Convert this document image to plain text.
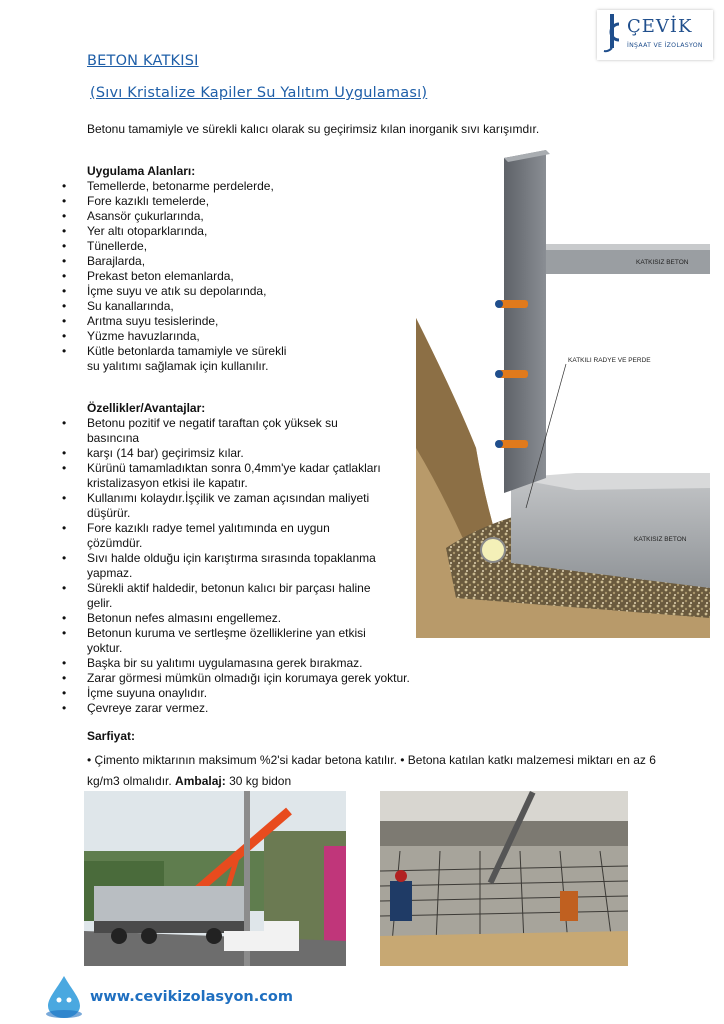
BETON KATKISI
(Sıvı Kristalize Kapiler Su Yalıtım Uygulaması)
ÇEVİK
İNŞAAT VE İZOLASYON
Betonu tamamiyle ve sürekli kalıcı olarak su geçirimsiz kılan inorganik sıvı karışımdır.
Uygulama Alanları:
• Temellerde, betonarme perdelerde,
• Fore kazıklı temelerde,
• Asansör çukurlarında,
• Yer altı otoparklarında,
• Tünellerde,
• Barajlarda,
• Prekast beton elemanlarda,
• İçme suyu ve atık su depolarında,
• Su kanallarında,
• Arıtma suyu tesislerinde,
• Yüzme havuzlarında,
• Kütle betonlarda tamamiyle ve sürekli su yalıtımı sağlamak için kullanılır.
Özellikler/Avantajlar:
• Betonu pozitif ve negatif taraftan çok yüksek su basıncına
• karşı (14 bar) geçirimsiz kılar.
• Kürünü tamamladıktan sonra 0,4mm'ye kadar çatlakları kristalizasyon etkisi ile kapatır.
• Kullanımı kolaydır.İşçilik ve zaman açısından maliyeti düşürür.
• Fore kazıklı radye temel yalıtımında en uygun çözümdür.
• Sıvı halde olduğu için karıştırma sırasında topaklanma yapmaz.
• Sürekli aktif haldedir, betonun kalıcı bir parçası haline gelir.
• Betonun nefes almasını engellemez.
• Betonun kuruma ve sertleşme özelliklerine yan etkisi yoktur.
• Başka bir su yalıtımı uygulamasına gerek bırakmaz.
• Zarar görmesi mümkün olmadığı için korumaya gerek yoktur.
• İçme suyuna onaylıdır.
• Çevreye zarar vermez.
Sarfiyat:
• Çimento miktarının maksimum %2'si kadar betona katılır. • Betona katılan katkı malzemesi miktarı en az 6 kg/m3 olmalıdır. Ambalaj: 30 kg bidon
KATKISIZ BETON
KATKILI RADYE VE PERDE
KATKISIZ BETON
www.cevikizolasyon.com
